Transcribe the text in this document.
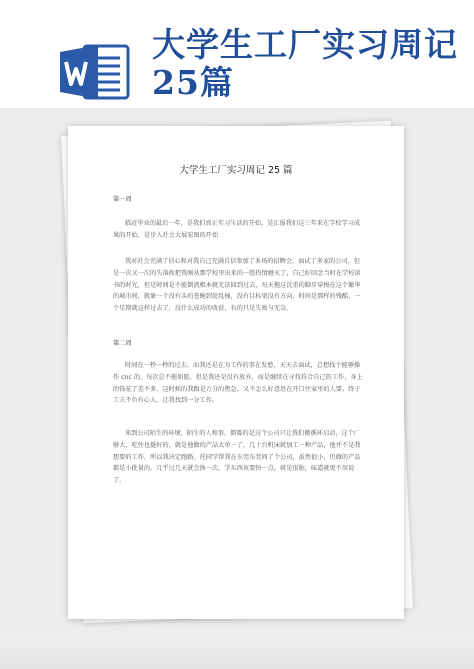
大学生工厂实习周记25篇
大学生工厂实习周记 25 篇
第一周

临近毕业的最后一年，是我们真正实习生活的开始，是汇报我们这三年来在学校学习成果的开始，是步入社会大展宏图的开始

我对社会充满了信心和对我自己充满自信参加了多场的招聘会，面试了多家的公司，但是一次又一次的失落挨把我刚从那学校里出来的一腔热情磨灭了，自己好回念当时在学校读书的时光，但是时间是不能倒流根本就无法回到过去，每天拖这沉重的脚步穿梭在这个繁华的城市间，就象一个没有头的苍蝇到处乱撞，没有目标更没有方向，时间是那样的残酷，一个星期就这样过去了，没什么成功的收获，有的只是失败与无奈。

第二周

时间在一秒一秒的过去，而我还是在为工作的事在发愁，天天去面试，总想找个能够操作 cnc 的，每次总不能如愿。但是我还是没有放弃，而是继续在寻找符合自己的工作，身上的钱花了差不多，这时候的我跟是万分的焦急，又不怎么好意思在开口往家里的人要。终于工夫不负有心人，让我找到一分工作。

来到公司陌生的环境、陌生的人和事，倒霉的是这个公司只让我们搬循环启动，这个厂够大，吃住也挺好的，就是他做的产品太单一了，几十台机床就加工一种产品，他并不是我想要的工作，所以我决定跑路。托同学帮我在东莞东莞问了个公司，虽然很小，但做的产品都是小批量的，几乎过几天就会换一次，学东西该要快一点，就是很脏，味道就更不用说了。
